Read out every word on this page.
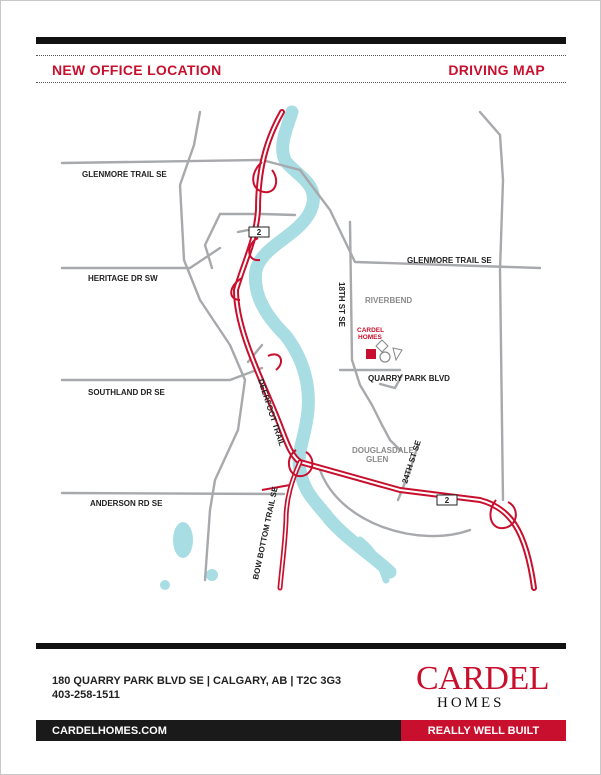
NEW OFFICE LOCATION	DRIVING MAP
2
2
GLENMORE TRAIL SE
GLENMORE TRAIL SE
HERITAGE DR SW
SOUTHLAND DR SE
ANDERSON RD SE
QUARRY PARK BLVD
18TH ST SE
24TH ST SE
DEERFOOT TRAIL
BOW BOTTOM TRAIL SE
RIVERBEND
DOUGLASDALE
GLEN
CARDEL
HOMES
180 QUARRY PARK BLVD SE | CALGARY, AB | T2C 3G3
403-258-1511	CARDEL
HOMES
CARDELHOMES.COM	REALLY WELL BUILT
